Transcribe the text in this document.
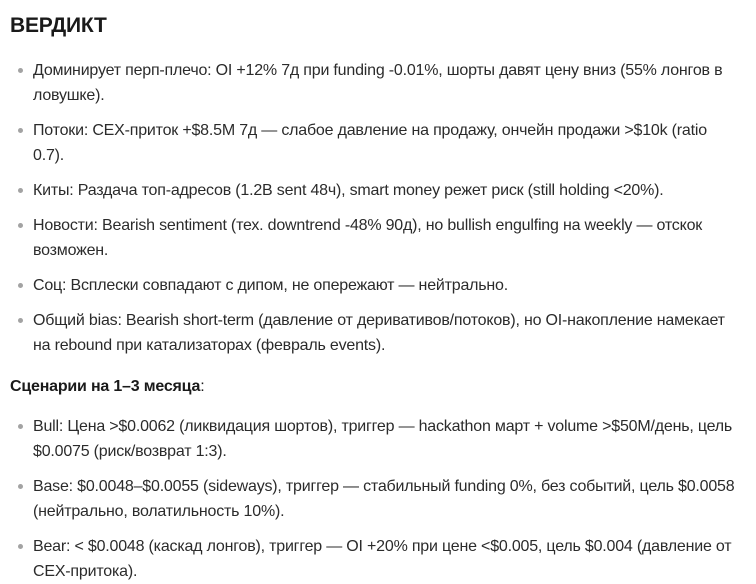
ВЕРДИКТ
Доминирует перп-плечо: OI +12% 7д при funding -0.01%, шорты давят цену вниз (55% лонгов в ловушке).
Потоки: CEX-приток +$8.5M 7д — слабое давление на продажу, ончейн продажи >$10k (ratio 0.7).
Киты: Раздача топ-адресов (1.2B sent 48ч), smart money режет риск (still holding <20%).
Новости: Bearish sentiment (тех. downtrend -48% 90д), но bullish engulfing на weekly — отскок возможен.
Соц: Всплески совпадают с дипом, не опережают — нейтрально.
Общий bias: Bearish short-term (давление от деривативов/потоков), но OI-накопление намекает на rebound при катализаторах (февраль events).
Сценарии на 1–3 месяца:
Bull: Цена >$0.0062 (ликвидация шортов), триггер — hackathon март + volume >$50M/день, цель $0.0075 (риск/возврат 1:3).
Base: $0.0048–$0.0055 (sideways), триггер — стабильный funding 0%, без событий, цель $0.0058 (нейтрально, волатильность 10%).
Bear: < $0.0048 (каскад лонгов), триггер — OI +20% при цене <$0.005, цель $0.004 (давление от CEX-притока).
